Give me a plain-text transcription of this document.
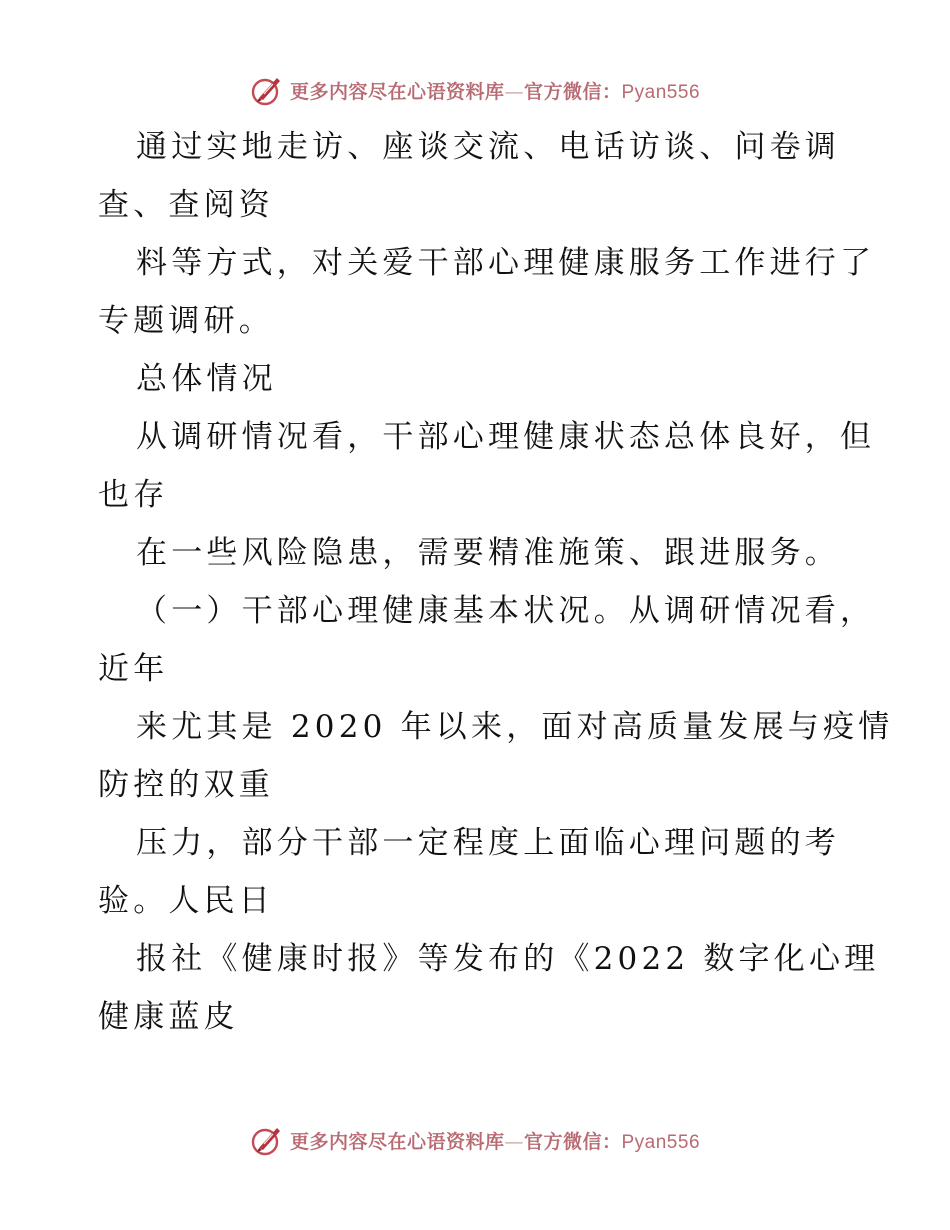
更多内容尽在心语资料库—官方微信：Pyan556
通过实地走访、座谈交流、电话访谈、问卷调
查、查阅资
料等方式，对关爱干部心理健康服务工作进行了
专题调研。
总体情况
从调研情况看，干部心理健康状态总体良好，但
也存
在一些风险隐患，需要精准施策、跟进服务。
（一）干部心理健康基本状况。从调研情况看，
近年
来尤其是 2020 年以来，面对高质量发展与疫情
防控的双重
压力，部分干部一定程度上面临心理问题的考
验。人民日
报社《健康时报》等发布的《2022 数字化心理
健康蓝皮
更多内容尽在心语资料库—官方微信：Pyan556
